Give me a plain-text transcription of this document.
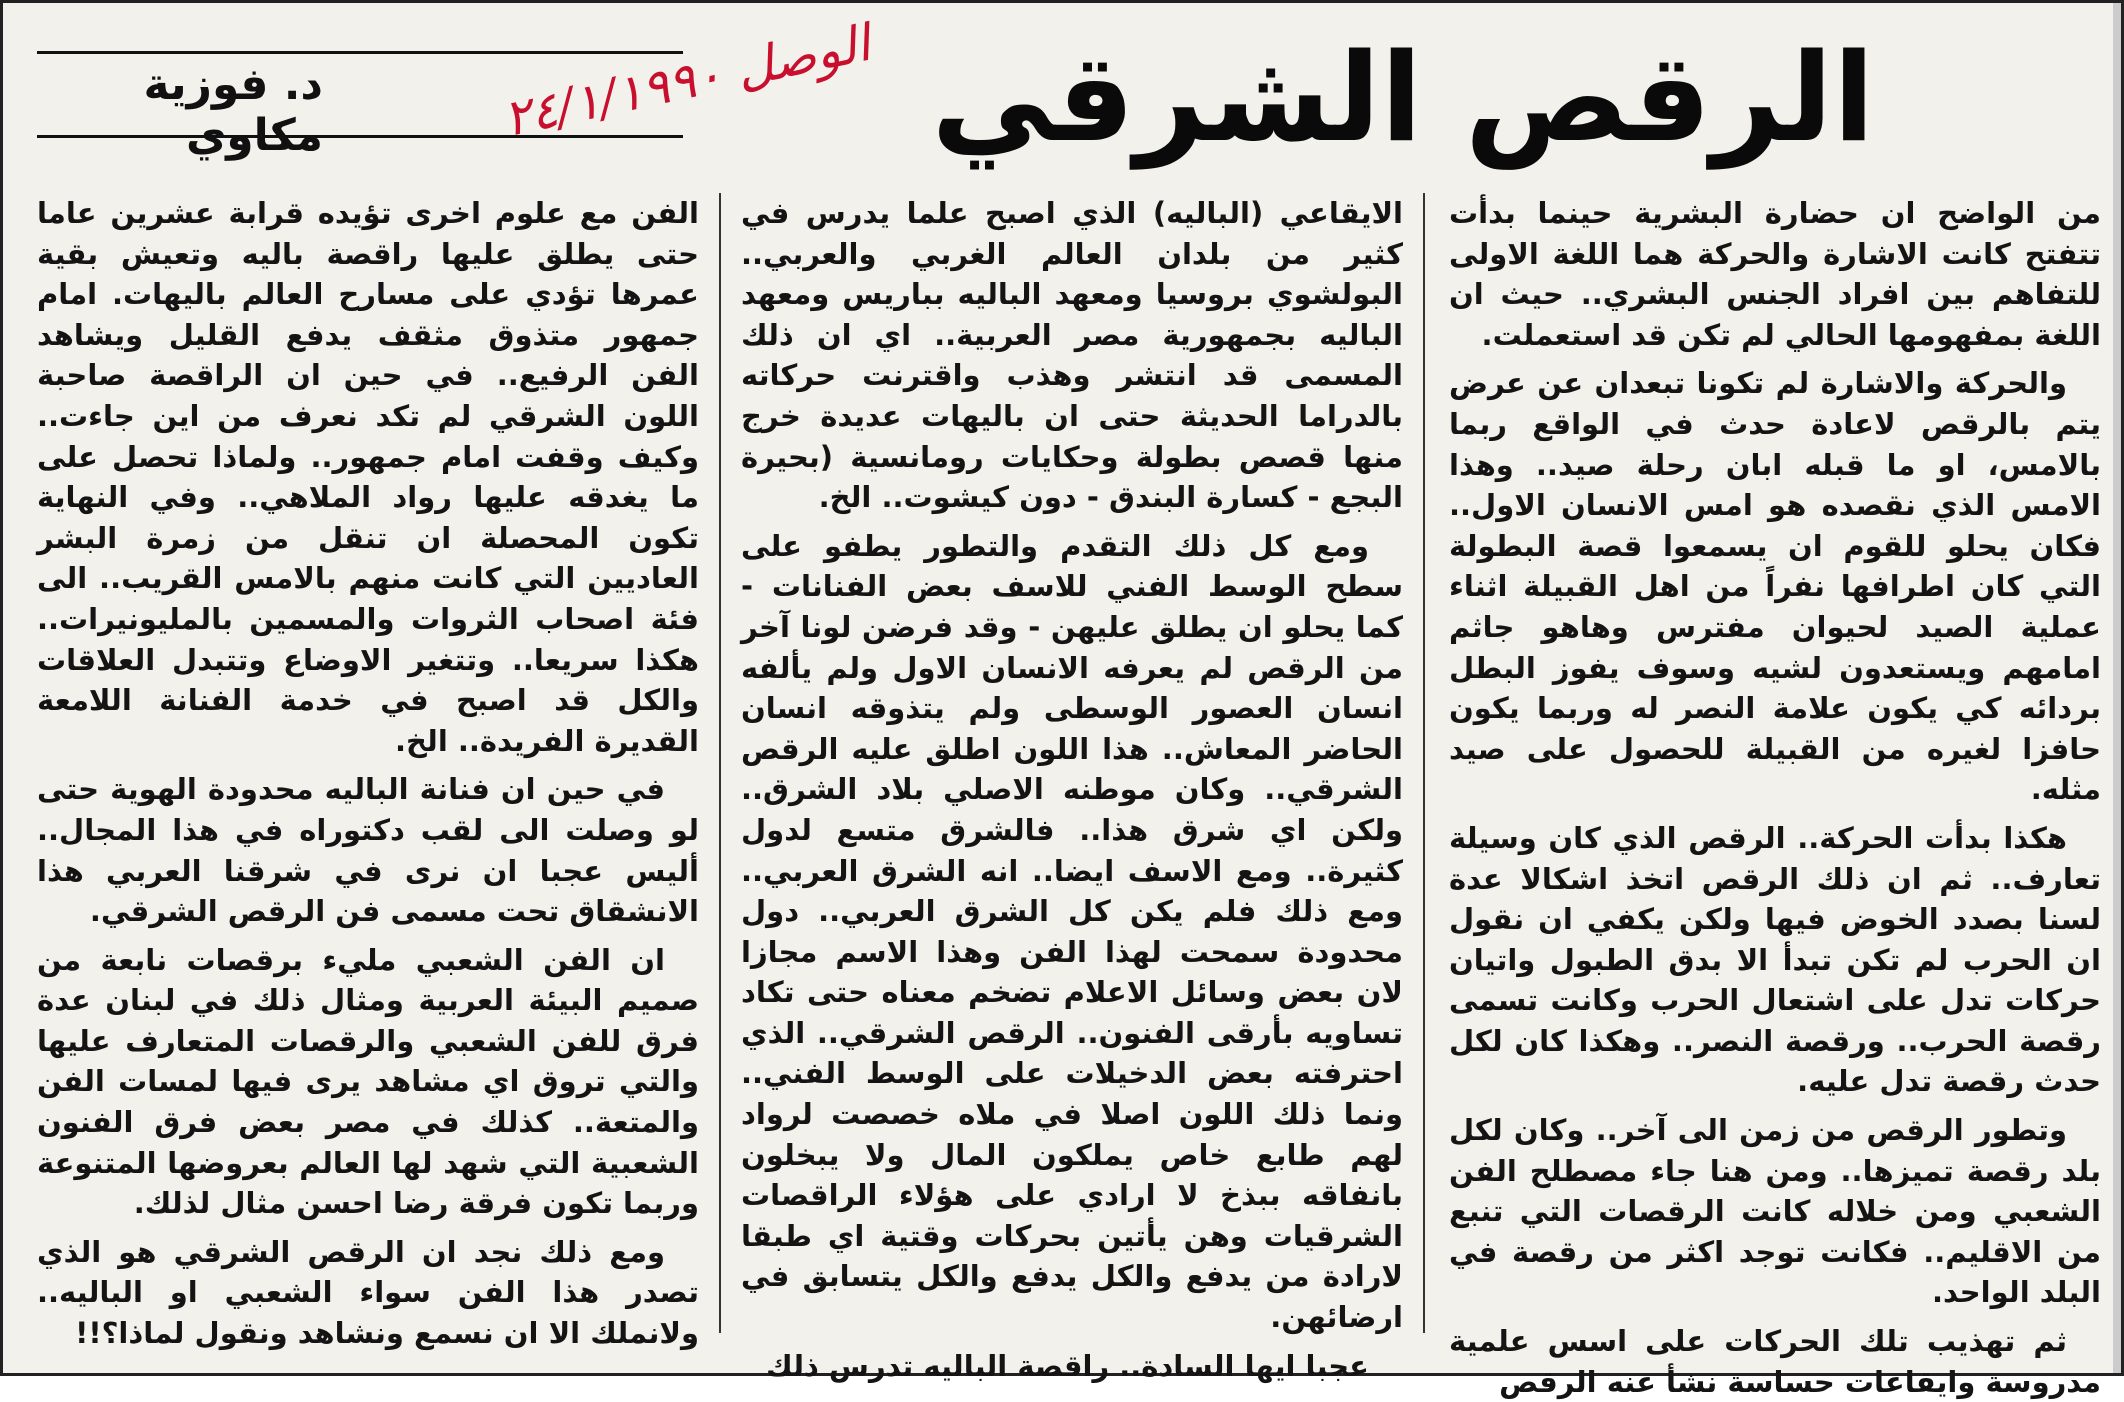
د. فوزية مكاوي	الوصل ٢٤/١/١٩٩٠ الرقص الشرقي

من الواضح ان حضارة البشرية حينما بدأت تتفتح كانت الاشارة والحركة هما اللغة الاولى للتفاهم بين افراد الجنس البشري.. حيث ان اللغة بمفهومها الحالي لم تكن قد استعملت.

والحركة والاشارة لم تكونا تبعدان عن عرض يتم بالرقص لاعادة حدث في الواقع ربما بالامس، او ما قبله ابان رحلة صيد.. وهذا الامس الذي نقصده هو امس الانسان الاول.. فكان يحلو للقوم ان يسمعوا قصة البطولة التي كان اطرافها نفراً من اهل القبيلة اثناء عملية الصيد لحيوان مفترس وهاهو جاثم امامهم ويستعدون لشيه وسوف يفوز البطل بردائه كي يكون علامة النصر له وربما يكون حافزا لغيره من القبيلة للحصول على صيد مثله.

هكذا بدأت الحركة.. الرقص الذي كان وسيلة تعارف.. ثم ان ذلك الرقص اتخذ اشكالا عدة لسنا بصدد الخوض فيها ولكن يكفي ان نقول ان الحرب لم تكن تبدأ الا بدق الطبول واتيان حركات تدل على اشتعال الحرب وكانت تسمى رقصة الحرب.. ورقصة النصر.. وهكذا كان لكل حدث رقصة تدل عليه.

وتطور الرقص من زمن الى آخر.. وكان لكل بلد رقصة تميزها.. ومن هنا جاء مصطلح الفن الشعبي ومن خلاله كانت الرقصات التي تنبع من الاقليم.. فكانت توجد اكثر من رقصة في البلد الواحد.

ثم تهذيب تلك الحركات على اسس علمية مدروسة وايقاعات حساسة نشأ عنه الرقص

الايقاعي (الباليه) الذي اصبح علما يدرس في كثير من بلدان العالم الغربي والعربي.. البولشوي بروسيا ومعهد الباليه بباريس ومعهد الباليه بجمهورية مصر العربية.. اي ان ذلك المسمى قد انتشر وهذب واقترنت حركاته بالدراما الحديثة حتى ان باليهات عديدة خرج منها قصص بطولة وحكايات رومانسية (بحيرة البجع - كسارة البندق - دون كيشوت.. الخ.

ومع كل ذلك التقدم والتطور يطفو على سطح الوسط الفني للاسف بعض الفنانات - كما يحلو ان يطلق عليهن - وقد فرضن لونا آخر من الرقص لم يعرفه الانسان الاول ولم يألفه انسان العصور الوسطى ولم يتذوقه انسان الحاضر المعاش.. هذا اللون اطلق عليه الرقص الشرقي.. وكان موطنه الاصلي بلاد الشرق.. ولكن اي شرق هذا.. فالشرق متسع لدول كثيرة.. ومع الاسف ايضا.. انه الشرق العربي.. ومع ذلك فلم يكن كل الشرق العربي.. دول محدودة سمحت لهذا الفن وهذا الاسم مجازا لان بعض وسائل الاعلام تضخم معناه حتى تكاد تساويه بأرقى الفنون.. الرقص الشرقي.. الذي احترفته بعض الدخيلات على الوسط الفني.. ونما ذلك اللون اصلا في ملاه خصصت لرواد لهم طابع خاص يملكون المال ولا يبخلون بانفاقه ببذخ لا ارادي على هؤلاء الراقصات الشرقيات وهن يأتين بحركات وقتية اي طبقا لارادة من يدفع والكل يدفع والكل يتسابق في ارضائهن.

عجبا ايها السادة.. راقصة الباليه تدرس ذلك

الفن مع علوم اخرى تؤيده قرابة عشرين عاما حتى يطلق عليها راقصة باليه وتعيش بقية عمرها تؤدي على مسارح العالم باليهات. امام جمهور متذوق مثقف يدفع القليل ويشاهد الفن الرفيع.. في حين ان الراقصة صاحبة اللون الشرقي لم تكد نعرف من اين جاءت.. وكيف وقفت امام جمهور.. ولماذا تحصل على ما يغدقه عليها رواد الملاهي.. وفي النهاية تكون المحصلة ان تنقل من زمرة البشر العاديين التي كانت منهم بالامس القريب.. الى فئة اصحاب الثروات والمسمين بالمليونيرات.. هكذا سريعا.. وتتغير الاوضاع وتتبدل العلاقات والكل قد اصبح في خدمة الفنانة اللامعة القديرة الفريدة.. الخ.

في حين ان فنانة الباليه محدودة الهوية حتى لو وصلت الى لقب دكتوراه في هذا المجال.. أليس عجبا ان نرى في شرقنا العربي هذا الانشقاق تحت مسمى فن الرقص الشرقي.

ان الفن الشعبي مليء برقصات نابعة من صميم البيئة العربية ومثال ذلك في لبنان عدة فرق للفن الشعبي والرقصات المتعارف عليها والتي تروق اي مشاهد يرى فيها لمسات الفن والمتعة.. كذلك في مصر بعض فرق الفنون الشعبية التي شهد لها العالم بعروضها المتنوعة وربما تكون فرقة رضا احسن مثال لذلك.

ومع ذلك نجد ان الرقص الشرقي هو الذي تصدر هذا الفن سواء الشعبي او الباليه.. ولانملك الا ان نسمع ونشاهد ونقول لماذا؟!!
